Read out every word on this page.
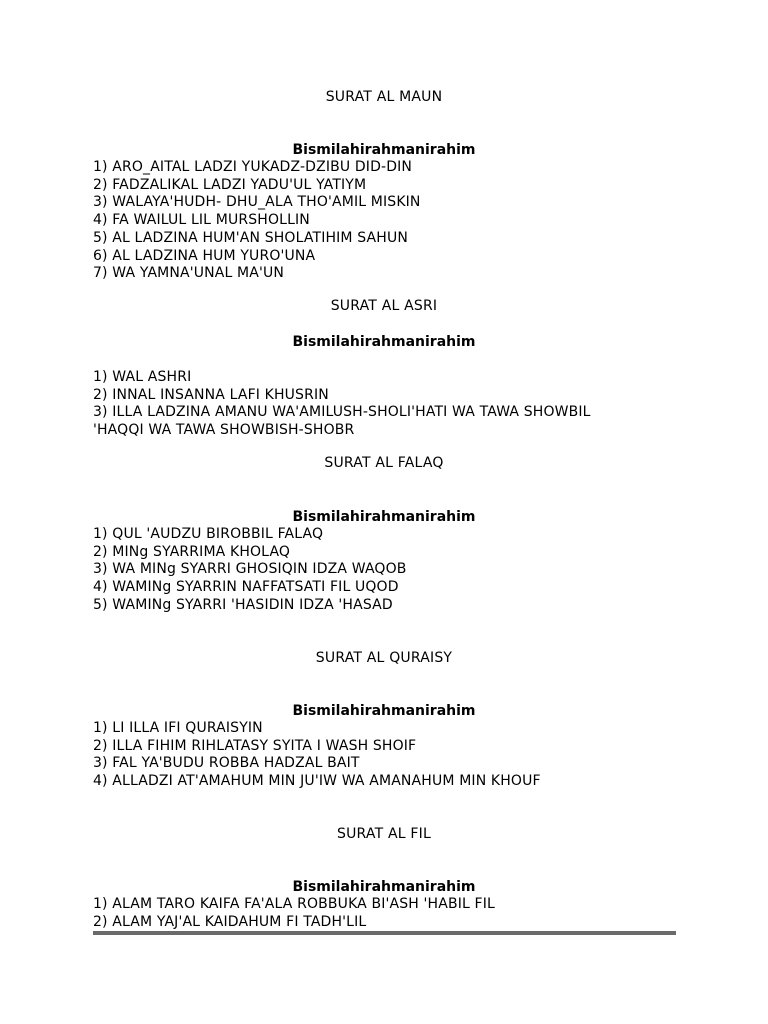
SURAT AL MAUN
Bismilahirahmanirahim
1) ARO_AITAL LADZI YUKADZ-DZIBU DID-DIN
2) FADZALIKAL LADZI YADU'UL YATIYM
3) WALAYA'HUDH- DHU_ALA THO'AMIL MISKIN
4) FA WAILUL LIL MURSHOLLIN
5) AL LADZINA HUM'AN SHOLATIHIM SAHUN
6) AL LADZINA HUM YURO'UNA
7) WA YAMNA'UNAL MA'UN
SURAT AL ASRI
Bismilahirahmanirahim
1) WAL ASHRI
2) INNAL INSANNA LAFI KHUSRIN
3) ILLA LADZINA AMANU WA'AMILUSH-SHOLI'HATI WA TAWA SHOWBIL
'HAQQI WA TAWA SHOWBISH-SHOBR
SURAT AL FALAQ
Bismilahirahmanirahim
1) QUL 'AUDZU BIROBBIL FALAQ
2) MINg SYARRIMA KHOLAQ
3) WA MINg SYARRI GHOSIQIN IDZA WAQOB
4) WAMINg SYARRIN NAFFATSATI FIL UQOD
5) WAMINg SYARRI 'HASIDIN IDZA 'HASAD
SURAT AL QURAISY
Bismilahirahmanirahim
1) LI ILLA IFI QURAISYIN
2) ILLA FIHIM RIHLATASY SYITA I WASH SHOIF
3) FAL YA'BUDU ROBBA HADZAL BAIT
4) ALLADZI AT'AMAHUM MIN JU'IW WA AMANAHUM MIN KHOUF
SURAT AL FIL
Bismilahirahmanirahim
1) ALAM TARO KAIFA FA'ALA ROBBUKA BI'ASH 'HABIL FIL
2) ALAM YAJ'AL KAIDAHUM FI TADH'LIL
